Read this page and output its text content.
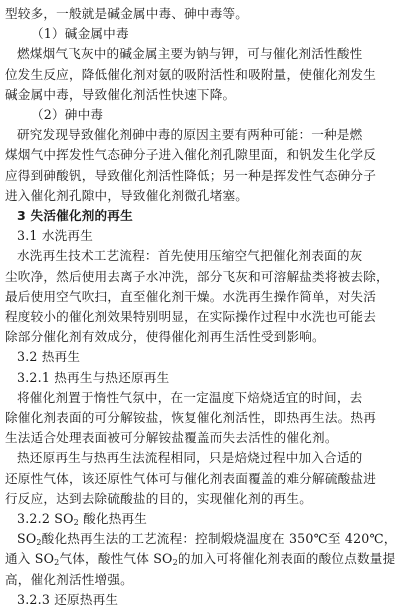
型较多，一般就是碱金属中毒、砷中毒等。
（1）碱金属中毒
燃煤烟气飞灰中的碱金属主要为钠与钾，可与催化剂活性酸性
位发生反应，降低催化剂对氨的吸附活性和吸附量，使催化剂发生
碱金属中毒，导致催化剂活性快速下降。
（2）砷中毒
研究发现导致催化剂砷中毒的原因主要有两种可能：一种是燃
煤烟气中挥发性气态砷分子进入催化剂孔隙里面，和钒发生化学反
应得到砷酸钒，导致催化剂活性降低；另一种是挥发性气态砷分子
进入催化剂孔隙中，导致催化剂微孔堵塞。
3 失活催化剂的再生
3.1 水洗再生
水洗再生技术工艺流程：首先使用压缩空气把催化剂表面的灰
尘吹净，然后使用去离子水冲洗，部分飞灰和可溶解盐类将被去除，
最后使用空气吹扫，直至催化剂干燥。水洗再生操作简单，对失活
程度较小的催化剂效果特别明显，在实际操作过程中水洗也可能去
除部分催化剂有效成分，使得催化剂再生活性受到影响。
3.2 热再生
3.2.1 热再生与热还原再生
将催化剂置于惰性气氛中，在一定温度下焙烧适宜的时间，去
除催化剂表面的可分解铵盐，恢复催化剂活性，即热再生法。热再
生法适合处理表面被可分解铵盐覆盖而失去活性的催化剂。
热还原再生与热再生法流程相同，只是焙烧过程中加入合适的
还原性气体，该还原性气体可与催化剂表面覆盖的难分解硫酸盐进
行反应，达到去除硫酸盐的目的，实现催化剂的再生。
3.2.2 $SO_2$ 酸化热再生
$SO_2$酸化热再生法的工艺流程：控制煅烧温度在 350℃至 420℃，
通入 $SO_2$气体，酸性气体 $SO_2$的加入可将催化剂表面的酸位点数量提
高，催化剂活性增强。
3.2.3 还原热再生
